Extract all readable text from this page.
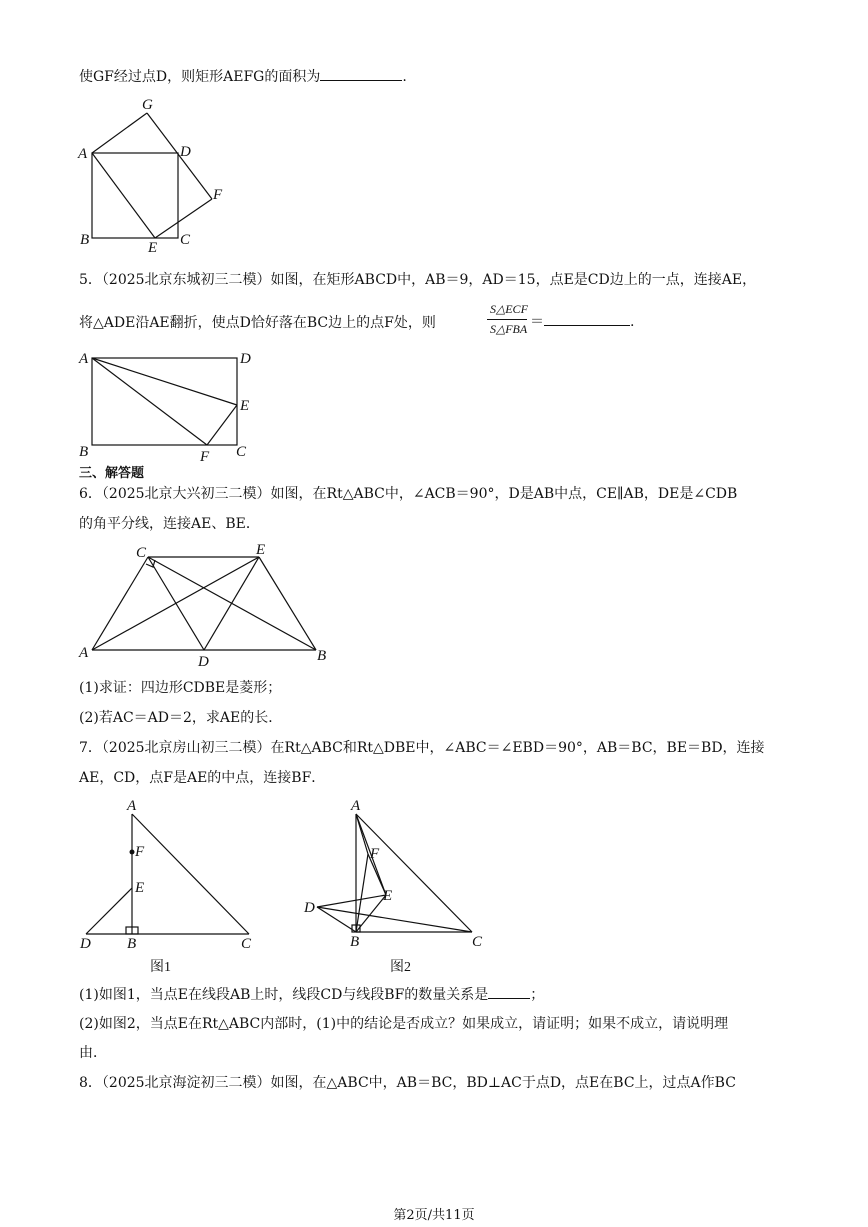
使GF经过点D，则矩形AEFG的面积为	.
G
A	D
F
B	E C
5．（2025北京东城初三二模）如图，在矩形ABCD中，AB＝9，AD＝15，点E是CD边上的一点，连接AE，
将△ADE沿AE翻折，使点D恰好落在BC边上的点F处，则
S△ECF
S△FBA ＝	.
A	D
E
B	F C
三、解答题
6．（2025北京大兴初三二模）如图，在Rt△ABC中，∠ACB＝90°，D是AB中点，CE∥AB，DE是∠CDB
的角平分线，连接AE、BE．
C	E
A
D	B
(1)求证：四边形CDBE是菱形；
(2)若AC＝AD＝2，求AE的长．
7．（2025北京房山初三二模）在Rt△ABC和Rt△DBE中，∠ABC＝∠EBD＝90°，AB＝BC，BE＝BD，连接
AE，CD，点F是AE的中点，连接BF．
A
F
E
D B	C
图1
A
F
E
D
B	C
图2
(1)如图1，当点E在线段AB上时，线段CD与线段BF的数量关系是	；
(2)如图2，当点E在Rt△ABC内部时，(1)中的结论是否成立？如果成立，请证明；如果不成立，请说明理
由．
8．（2025北京海淀初三二模）如图，在△ABC中，AB＝BC，BD⊥AC于点D，点E在BC上，过点A作BC
第2页/共11页
